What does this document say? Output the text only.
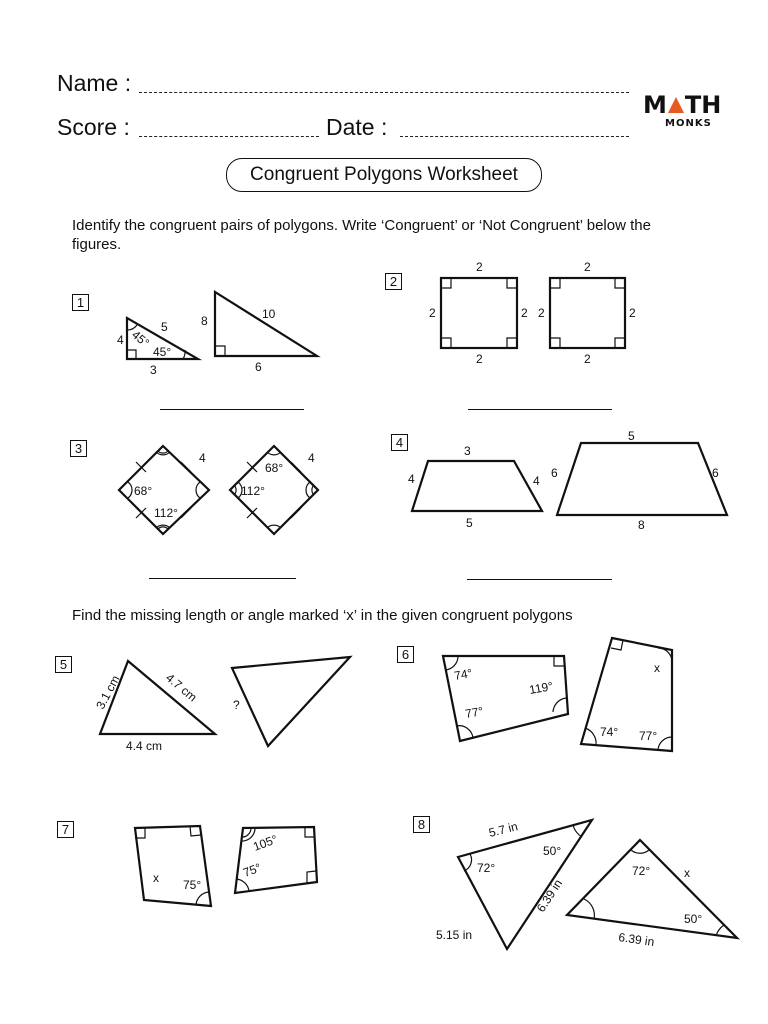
Name :
Score :	Date :
M TH
MONKS
Congruent Polygons Worksheet
Identify the congruent pairs of polygons. Write ‘Congruent’ or ‘Not Congruent’ below the figures.
1
4
3
5
45°
45°
8
6
10
2
2
2	2
2
2
2	2
2
3
4
68°
112°
4
68°
112°
4
3
4	4
5
5
6	6
8
Find the missing length or angle marked ‘x’ in the given congruent polygons
5
3.1 cm	4.7 cm
4.4 cm
?
6
74°
77°
119°
x
74° 77°
7
x 75°
105°
75°
8	5.7 in
6.39 in
5.15 in
72°
50°
x
6.39 in
72°
50°
